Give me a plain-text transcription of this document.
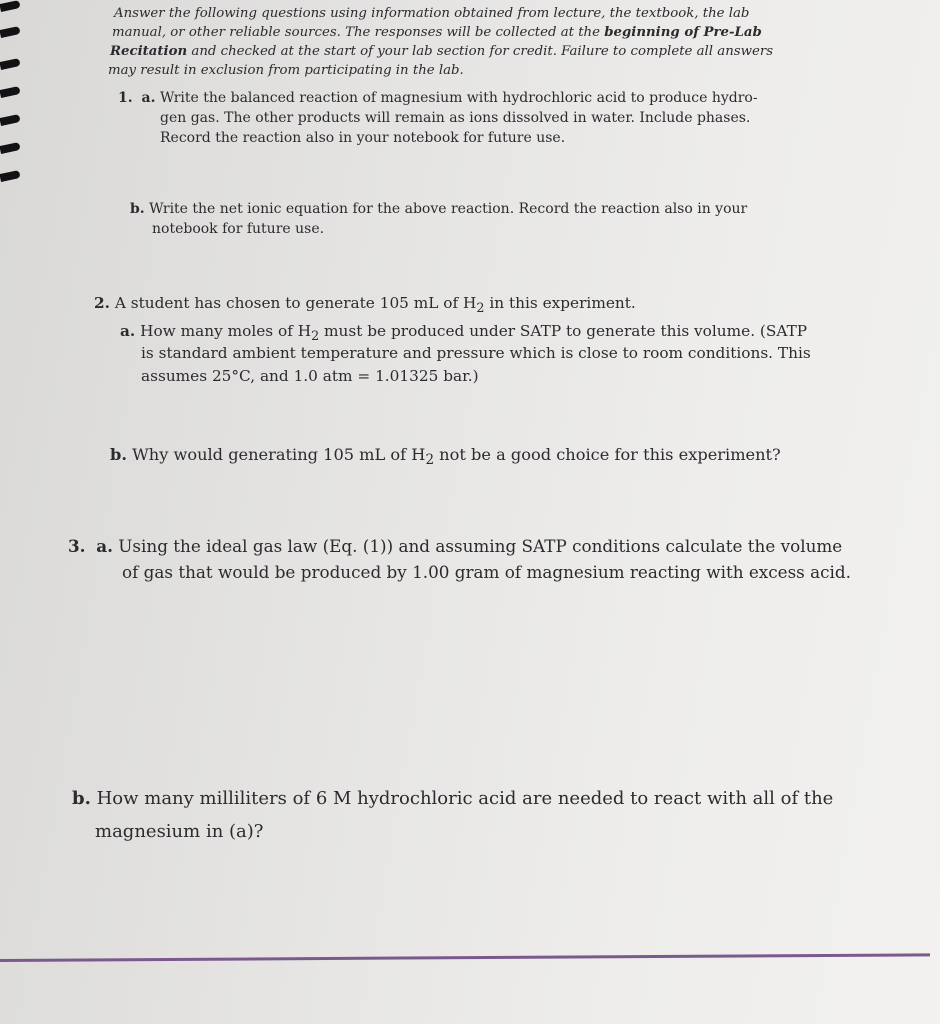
Answer the following questions using information obtained from lecture, the textbook, the lab

manual, or other reliable sources. The responses will be collected at the beginning of Pre-Lab

Recitation and checked at the start of your lab section for credit. Failure to complete all answers

may result in exclusion from participating in the lab.

1. a. Write the balanced reaction of magnesium with hydrochloric acid to produce hydro-

gen gas. The other products will remain as ions dissolved in water. Include phases.

Record the reaction also in your notebook for future use.

b. Write the net ionic equation for the above reaction. Record the reaction also in your

notebook for future use.

2. A student has chosen to generate 105 mL of $H_2$ in this experiment.

a. How many moles of $H_2$ must be produced under SATP to generate this volume. (SATP

is standard ambient temperature and pressure which is close to room conditions. This

assumes 25°C, and 1.0 atm = 1.01325 bar.)

b. Why would generating 105 mL of $H_2$ not be a good choice for this experiment?

3. a. Using the ideal gas law (Eq. (1)) and assuming SATP conditions calculate the volume

of gas that would be produced by 1.00 gram of magnesium reacting with excess acid.

b. How many milliliters of 6 M hydrochloric acid are needed to react with all of the

magnesium in (a)?
